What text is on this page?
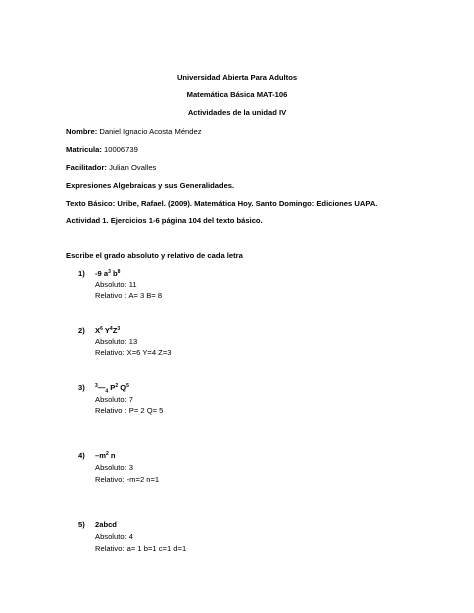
Universidad Abierta Para Adultos
Matemática Básica MAT-106
Actividades de la unidad IV
Nombre: Daniel Ignacio Acosta Méndez
Matricula: 10006739
Facilitador: Julian Ovalles
Expresiones Algebraicas y sus Generalidades.
Texto Básico: Uribe, Rafael. (2009). Matemática Hoy. Santo Domingo: Ediciones UAPA.
Actividad 1. Ejercicios 1-6 página 104 del texto básico.
Escribe el grado absoluto y relativo de cada letra
1) -9 $a^3$ $b^8$
Absoluto: 11
Relativo : A= 3 B= 8
2) $X^6$ $Y^4Z^3$
Absoluto: 13
Relativo: X=6 Y=4 Z=3
3) $^3—_4$ $P^2$ $Q^5$
Absoluto: 7
Relativo : P= 2 Q= 5
4) $-m^2$ n
Absoluto: 3
Relativo: -m=2 n=1
5) 2abcd
Absoluto: 4
Relativo: a= 1 b=1 c=1 d=1
